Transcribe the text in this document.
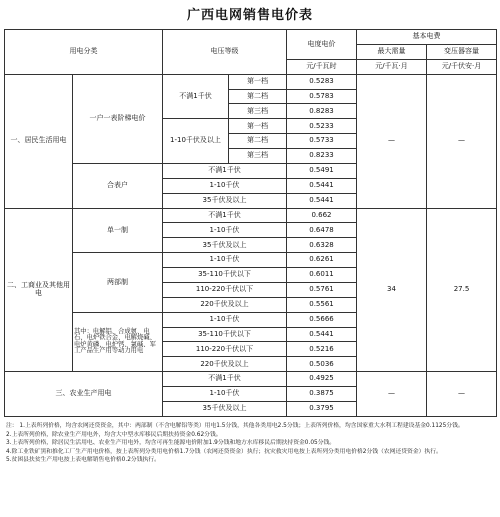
广西电网销售电价表
用电分类		电压等级		电度电价	基本电费	
					最大需量	变压器容量
				元/千瓦时	元/千瓦·月	元/千伏安·月
一、居民生活用电	一户一表阶梯电价	不满1千伏	第一档	0.5283	—	—
			第二档	0.5783		
			第三档	0.8283		
		1-10千伏及以上	第一档	0.5233		
			第二档	0.5733		
			第三档	0.8233		
	合表户	不满1千伏		0.5491		
		1-10千伏		0.5441		
		35千伏及以上		0.5441		
二、工商业及其他用电	单一制	不满1千伏		0.662	34	27.5
		1-10千伏		0.6478		
		35千伏及以上		0.6328		
	两部制	1-10千伏		0.6261		
		35-110千伏以下		0.6011		
		110-220千伏以下		0.5761		
		220千伏及以上		0.5561		
	其中：电解铝、合成氨、电石、电炉铁合金、电解烧碱、电炉黄磷、电炉钙、氯碱、军工产品生产用等动力用电	1-10千伏		0.5666		
		35-110千伏以下		0.5441		
		110-220千伏以下		0.5216		
		220千伏及以上		0.5036		
三、农业生产用电		不满1千伏		0.4925	—	—
		1-10千伏		0.3875		
		35千伏及以上		0.3795		
注： 1.上表所列价格，均含农网还贷资金，其中：两部制（不含电解铝等类）用电1.5分钱，其他各类用电2.5分钱；上表所列价格，均含国家重大水利工程建设基金0.1125分钱。
2.上表所列价格，除农业生产用电外，均含大中型水库移民后期扶持资金0.62分钱。
3.上表所列价格，除居民生活用电、农业生产用电外，均含可再生能源电价附加1.9分钱和地方水库移民后期扶持资金0.05分钱。
4.除工业铁矿黑和推化工厂生产用电价格，按上表所列分类用电价格1.7分钱（农网还贷资金）执行；抗灾救灾用电按上表所列分类用电价格2分钱（农网还贷资金）执行。
5.贫困县扶贫生产用电按上表电解销售电价格0.2分钱执行。
